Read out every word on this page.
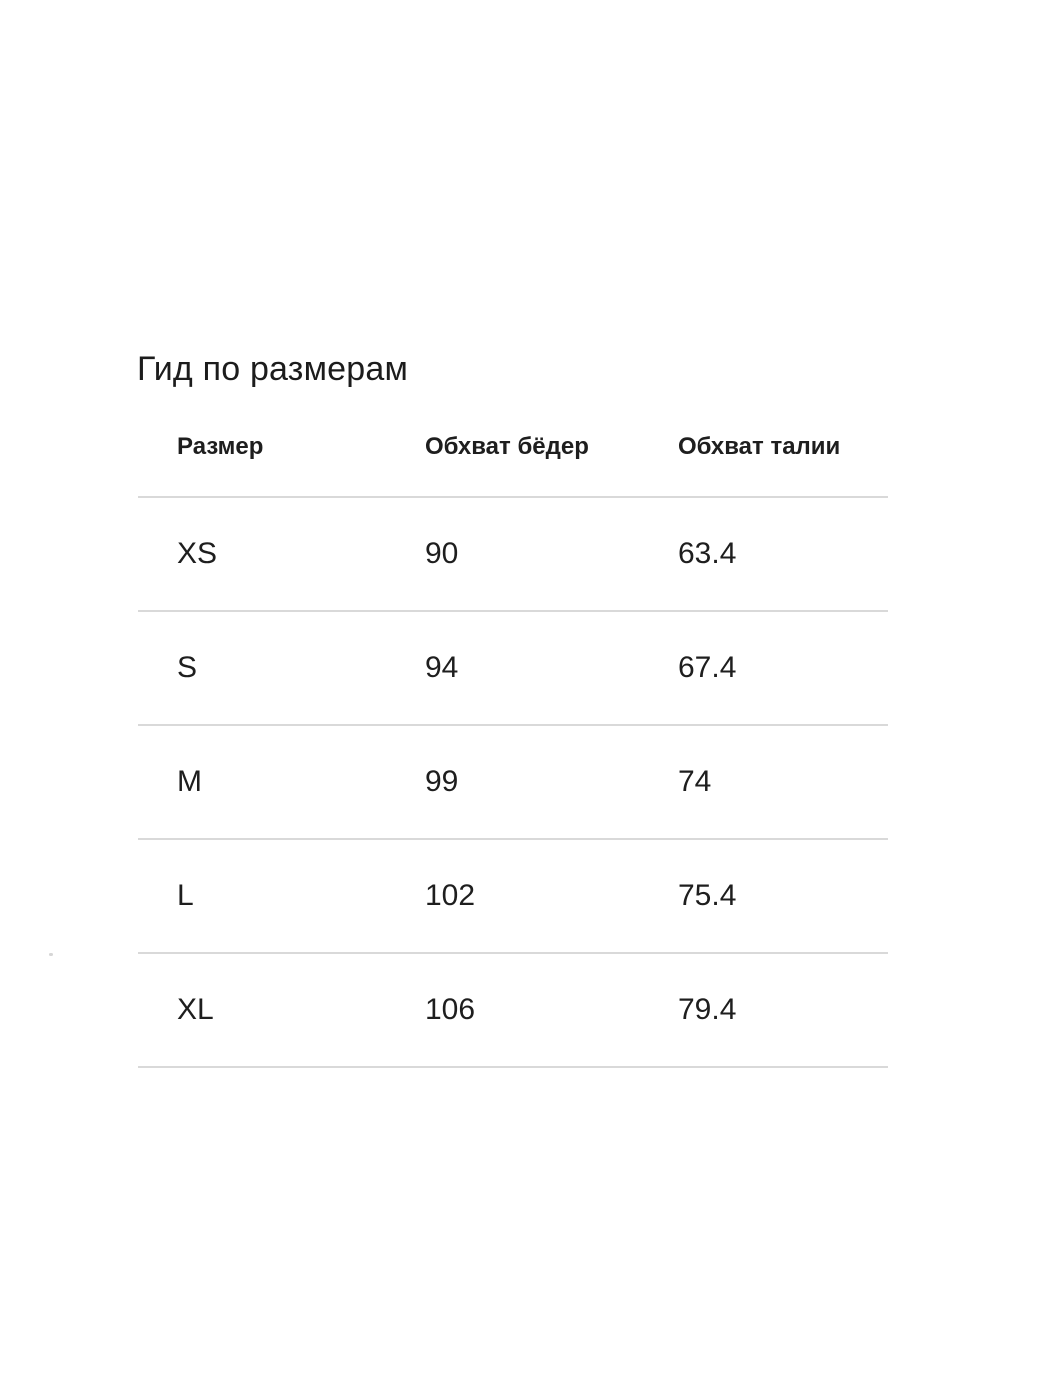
Гид по размерам
Размер	Обхват бёдер	Обхват талии
XS	90	63.4
S	94	67.4
M	99	74
L	102	75.4
XL	106	79.4
